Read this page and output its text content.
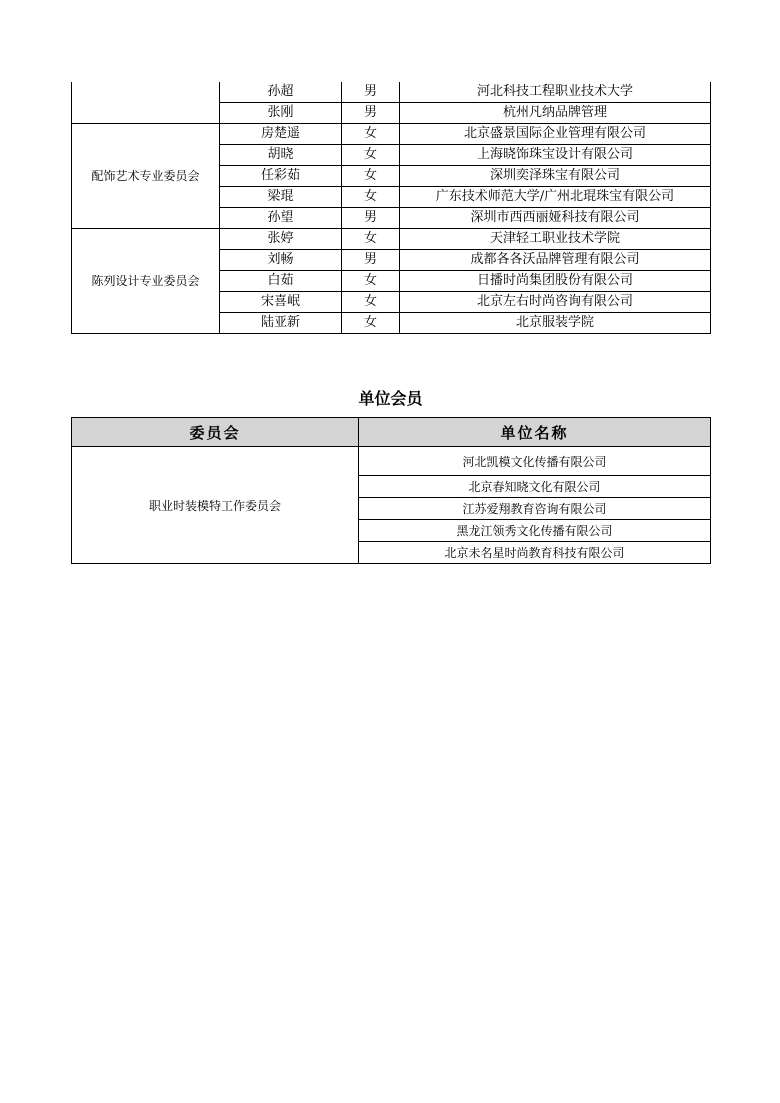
	孙超	男	河北科技工程职业技术大学
	张刚	男	杭州凡纳品牌管理
配饰艺术专业委员会	房楚遥	女	北京盛景国际企业管理有限公司
	胡晓	女	上海晓饰珠宝设计有限公司
	任彩茹	女	深圳奕泽珠宝有限公司
	梁琨	女	广东技术师范大学/广州北琨珠宝有限公司
	孙望	男	深圳市西西丽娅科技有限公司
陈列设计专业委员会	张婷	女	天津轻工职业技术学院
	刘畅	男	成都各各沃品牌管理有限公司
	白茹	女	日播时尚集团股份有限公司
	宋喜岷	女	北京左右时尚咨询有限公司
	陆亚新	女	北京服装学院
单位会员
委员会	单位名称
职业时装模特工作委员会	河北凯模文化传播有限公司
	北京春知晓文化有限公司
	江苏爱翔教育咨询有限公司
	黑龙江领秀文化传播有限公司
	北京未名星时尚教育科技有限公司
